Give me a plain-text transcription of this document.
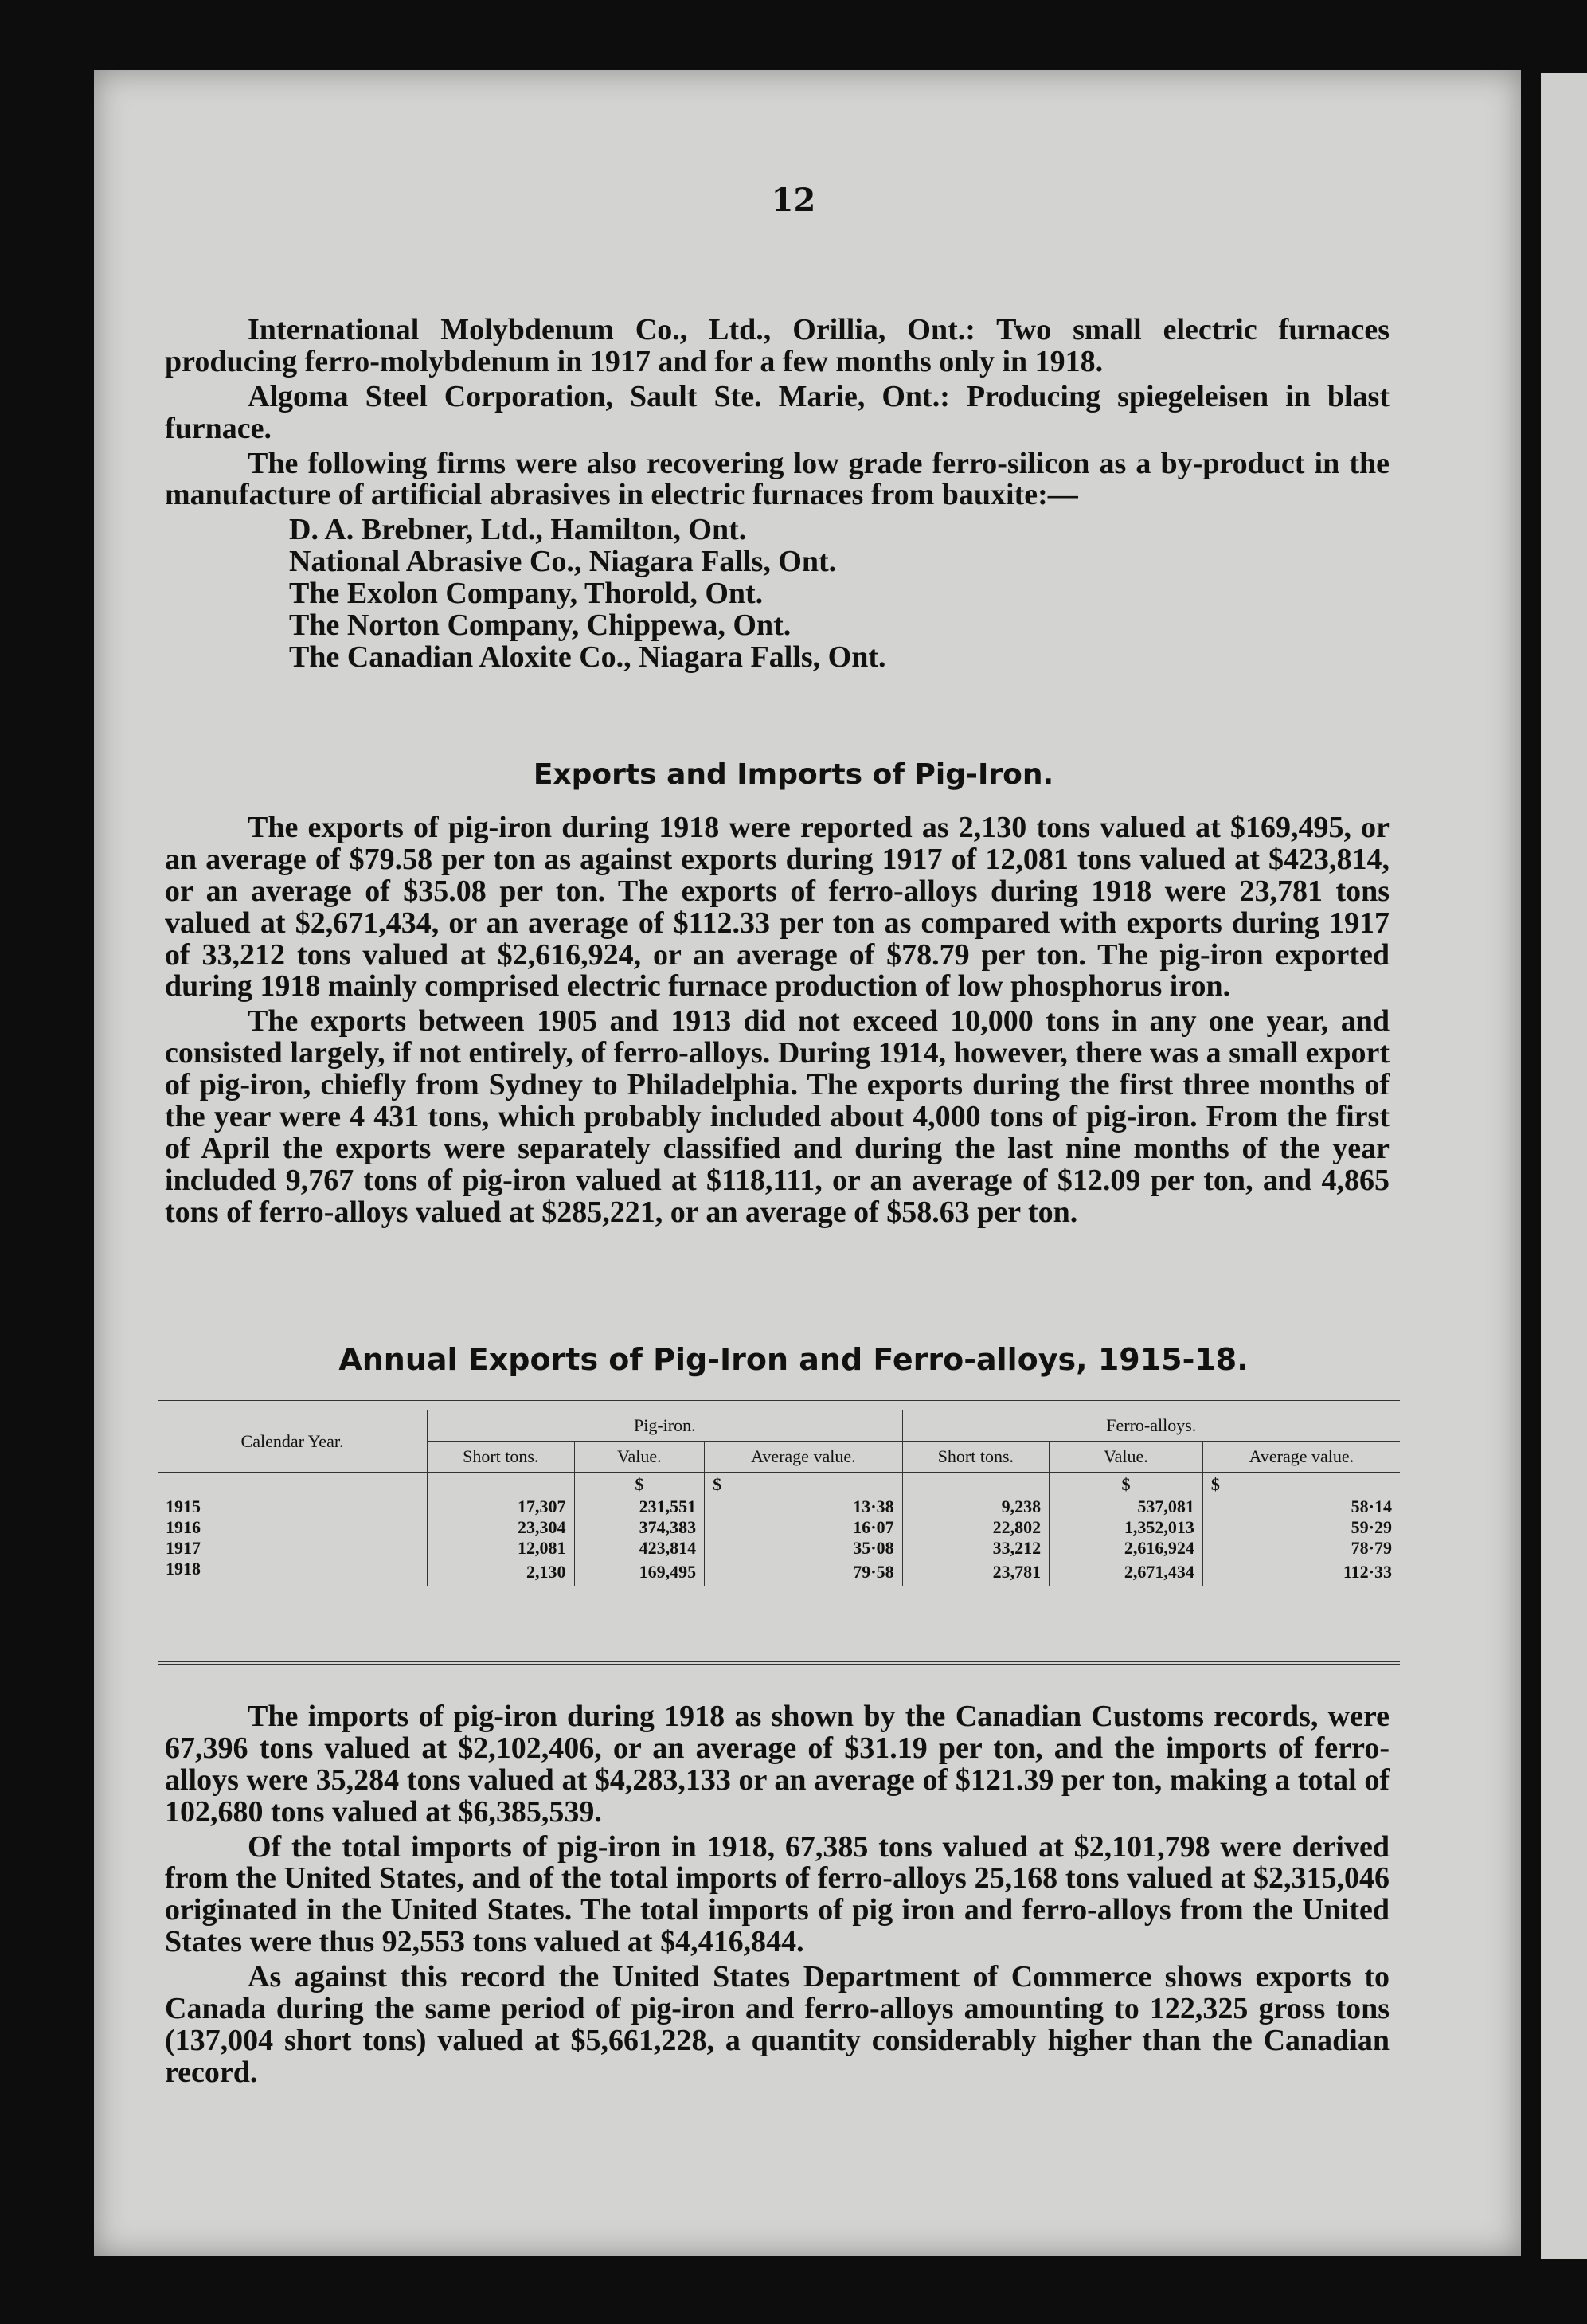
12

International Molybdenum Co., Ltd., Orillia, Ont.: Two small electric furnaces producing ferro-molybdenum in 1917 and for a few months only in 1918.

Algoma Steel Corporation, Sault Ste. Marie, Ont.: Producing spiegeleisen in blast furnace.

The following firms were also recovering low grade ferro-silicon as a by-product in the manufacture of artificial abrasives in electric furnaces from bauxite:—

D. A. Brebner, Ltd., Hamilton, Ont.
National Abrasive Co., Niagara Falls, Ont.
The Exolon Company, Thorold, Ont.
The Norton Company, Chippewa, Ont.
The Canadian Aloxite Co., Niagara Falls, Ont.
Exports and Imports of Pig-Iron.

The exports of pig-iron during 1918 were reported as 2,130 tons valued at $169,495, or an average of $79.58 per ton as against exports during 1917 of 12,081 tons valued at $423,814, or an average of $35.08 per ton. The exports of ferro-alloys during 1918 were 23,781 tons valued at $2,671,434, or an average of $112.33 per ton as compared with exports during 1917 of 33,212 tons valued at $2,616,924, or an average of $78.79 per ton. The pig-iron exported during 1918 mainly comprised electric furnace production of low phosphorus iron.

The exports between 1905 and 1913 did not exceed 10,000 tons in any one year, and consisted largely, if not entirely, of ferro-alloys. During 1914, however, there was a small export of pig-iron, chiefly from Sydney to Philadelphia. The exports during the first three months of the year were 4 431 tons, which probably included about 4,000 tons of pig-iron. From the first of April the exports were separately classified and during the last nine months of the year included 9,767 tons of pig-iron valued at $118,111, or an average of $12.09 per ton, and 4,865 tons of ferro-alloys valued at $285,221, or an average of $58.63 per ton.

Annual Exports of Pig-Iron and Ferro-alloys, 1915-18.
Calendar Year.	Pig-iron.			Ferro-alloys.		
	Short tons.	Value.	Average value.	Short tons.	Value.	Average value.
		$	$		$	$
1915	17,307	231,551	13·38	9,238	537,081	58·14
1916	23,304	374,383	16·07	22,802	1,352,013	59·29
1917	12,081	423,814	35·08	33,212	2,616,924	78·79
1918	2,130	169,495	79·58	23,781	2,671,434	112·33

The imports of pig-iron during 1918 as shown by the Canadian Customs records, were 67,396 tons valued at $2,102,406, or an average of $31.19 per ton, and the imports of ferro-alloys were 35,284 tons valued at $4,283,133 or an average of $121.39 per ton, making a total of 102,680 tons valued at $6,385,539.

Of the total imports of pig-iron in 1918, 67,385 tons valued at $2,101,798 were derived from the United States, and of the total imports of ferro-alloys 25,168 tons valued at $2,315,046 originated in the United States. The total imports of pig iron and ferro-alloys from the United States were thus 92,553 tons valued at $4,416,844.

As against this record the United States Department of Commerce shows exports to Canada during the same period of pig-iron and ferro-alloys amounting to 122,325 gross tons (137,004 short tons) valued at $5,661,228, a quantity considerably higher than the Canadian record.
